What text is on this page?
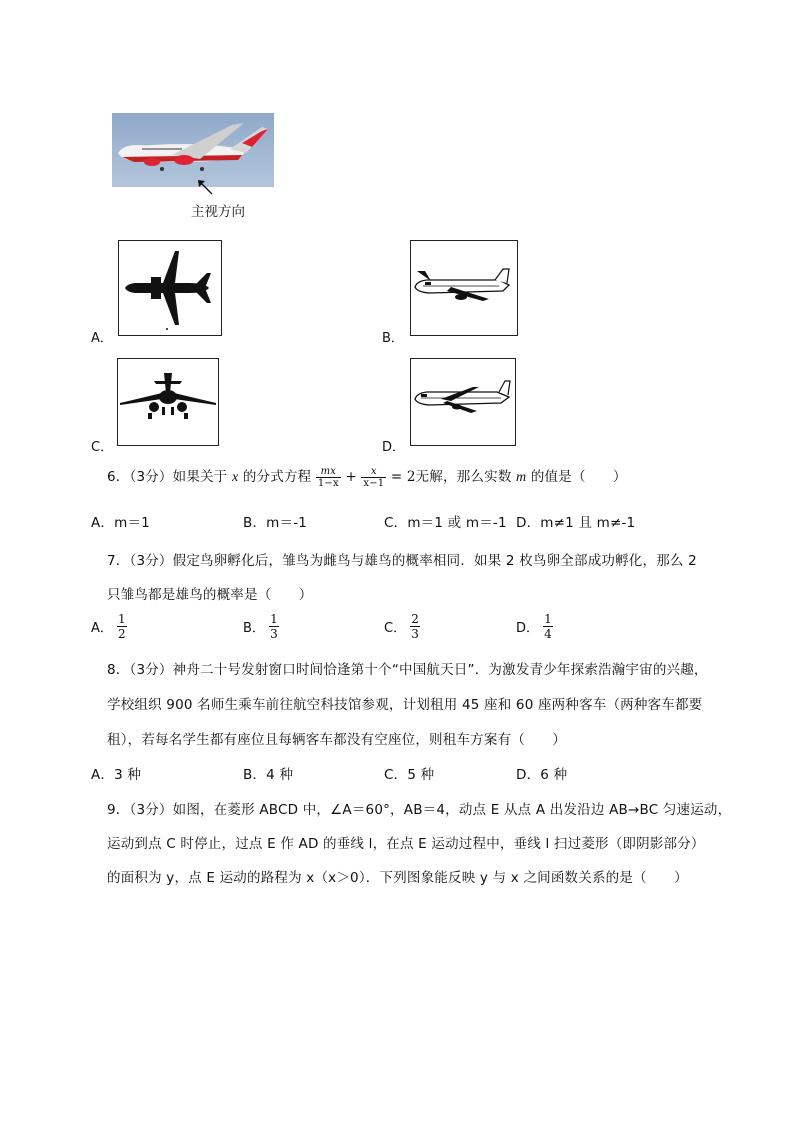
主视方向
A．	B．
C．	D．
6．（3分）如果关于 x 的分式方程 $\frac{mx}{1-x} + \frac{x}{x-1} = 2$无解，那么实数 m 的值是（　　）
A．m＝1	B．m＝-1	C．m＝1 或 m＝-1 D．m≠1 且 m≠-1
7．（3分）假定鸟卵孵化后，雏鸟为雌鸟与雄鸟的概率相同．如果 2 枚鸟卵全部成功孵化，那么 2
只雏鸟都是雄鸟的概率是（　　）
A． $\frac{1}{2}$	B． $\frac{1}{3}$	C． $\frac{2}{3}$	D． $\frac{1}{4}$
8．（3分）神舟二十号发射窗口时间恰逢第十个“中国航天日”．为激发青少年探索浩瀚宇宙的兴趣，
学校组织 900 名师生乘车前往航空科技馆参观，计划租用 45 座和 60 座两种客车（两种客车都要
租），若每名学生都有座位且每辆客车都没有空座位，则租车方案有（　　）
A．3 种	B．4 种	C．5 种	D．6 种
9．（3分）如图，在菱形 ABCD 中，∠A＝60°，AB＝4，动点 E 从点 A 出发沿边 AB→BC 匀速运动，
运动到点 C 时停止，过点 E 作 AD 的垂线 l，在点 E 运动过程中，垂线 l 扫过菱形（即阴影部分）
的面积为 y，点 E 运动的路程为 x（x＞0）．下列图象能反映 y 与 x 之间函数关系的是（　　）
